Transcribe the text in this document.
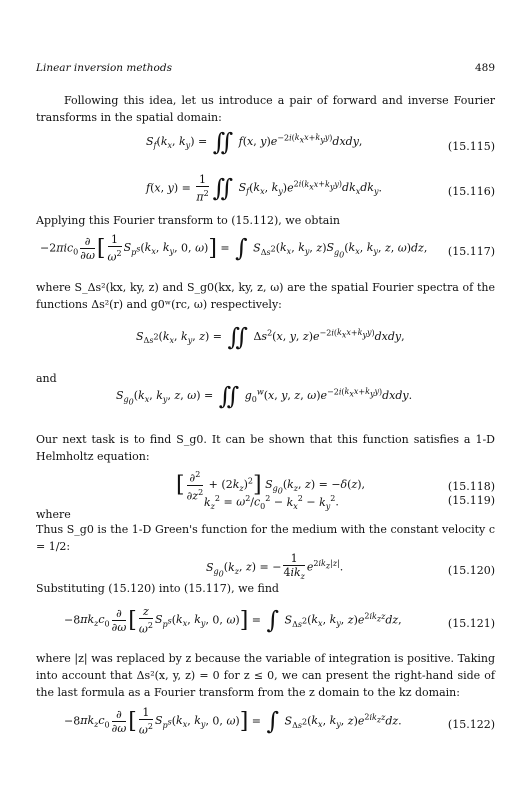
Linear inversion methods	489
Following this idea, let us introduce a pair of forward and inverse Fourier transforms in the spatial domain:
$S_f(k_x$, $k_y$) = ∬ f(x, $y)e^{-2i(k_xx+k_yy)}dxdy$,	(15.115)
f(x, $y) = \frac{1}{\pi^2}$ ∬ $S_f(k_x$, $k_y)e^{2i(k_xx+k_yy)}dk_xdk_y$.	(15.116)
Applying this Fourier transform to (15.112), we obtain
$-2\pi ic_0 \frac{\partial}{\partial\omega}$ [ $\frac{1}{\omega^2} S_{p^s}(k_x$, $k_y$, 0, ω)] = ∫ $S_{\Delta s^2}(k_x$, $k_y$, $z)S_{g_0}(k_x$, $k_y$, z, ω)dz, (15.117)
where S_Δs²(kx, ky, z) and S_g0(kx, ky, z, ω) are the spatial Fourier spectra of the functions Δs²(r) and g0ʷ(rc, ω) respectively:
$S_{\Delta s^2}(k_x$, $k_y$, z) = ∬ $\Delta s^2(x$, y, $z)e^{-2i(k_xx+k_yy)}dxdy$,
and
$S_{g_0}(k_x$, $k_y$, z, ω) = ∬ $g_0^w(x$, y, z, $\omega)e^{-2i(k_xx+k_yy)}dxdy$.
Our next task is to find S_g0. It can be shown that this function satisfies a 1-D Helmholtz equation:
[ $\frac{\partial^2}{\partial z^2} + (2k_z)^2$] $S_{g_0}(k_z$, z) = −δ(z),	(15.118)
where
$k_z^2 = \omega^2/c_0^2 - k_x^2 - k_y^2$.	(15.119)
Thus S_g0 is the 1-D Green's function for the medium with the constant velocity c = 1/2:
$S_{g_0}(k_z$, z) = − $\frac{1}{4ik_z} e^{2ik_z|z|}$.	(15.120)
Substituting (15.120) into (15.117), we find
$-8\pi k_zc_0 \frac{\partial}{\partial\omega}$ [ $\frac{z}{\omega^2} S_{p^s}(k_x$, $k_y$, 0, ω)] = ∫ $S_{\Delta s^2}(k_x$, $k_y$, $z)e^{2ik_zz}dz$,	(15.121)
where |z| was replaced by z because the variable of integration is positive. Taking into account that Δs²(x, y, z) = 0 for z ≤ 0, we can present the right-hand side of the last formula as a Fourier transform from the z domain to the kz domain:
$-8\pi k_zc_0 \frac{\partial}{\partial\omega}$ [ $\frac{1}{\omega^2} S_{p^s}(k_x$, $k_y$, 0, ω)] = ∫ $S_{\Delta s^2}(k_x$, $k_y$, $z)e^{2ik_zz}dz$.	(15.122)
